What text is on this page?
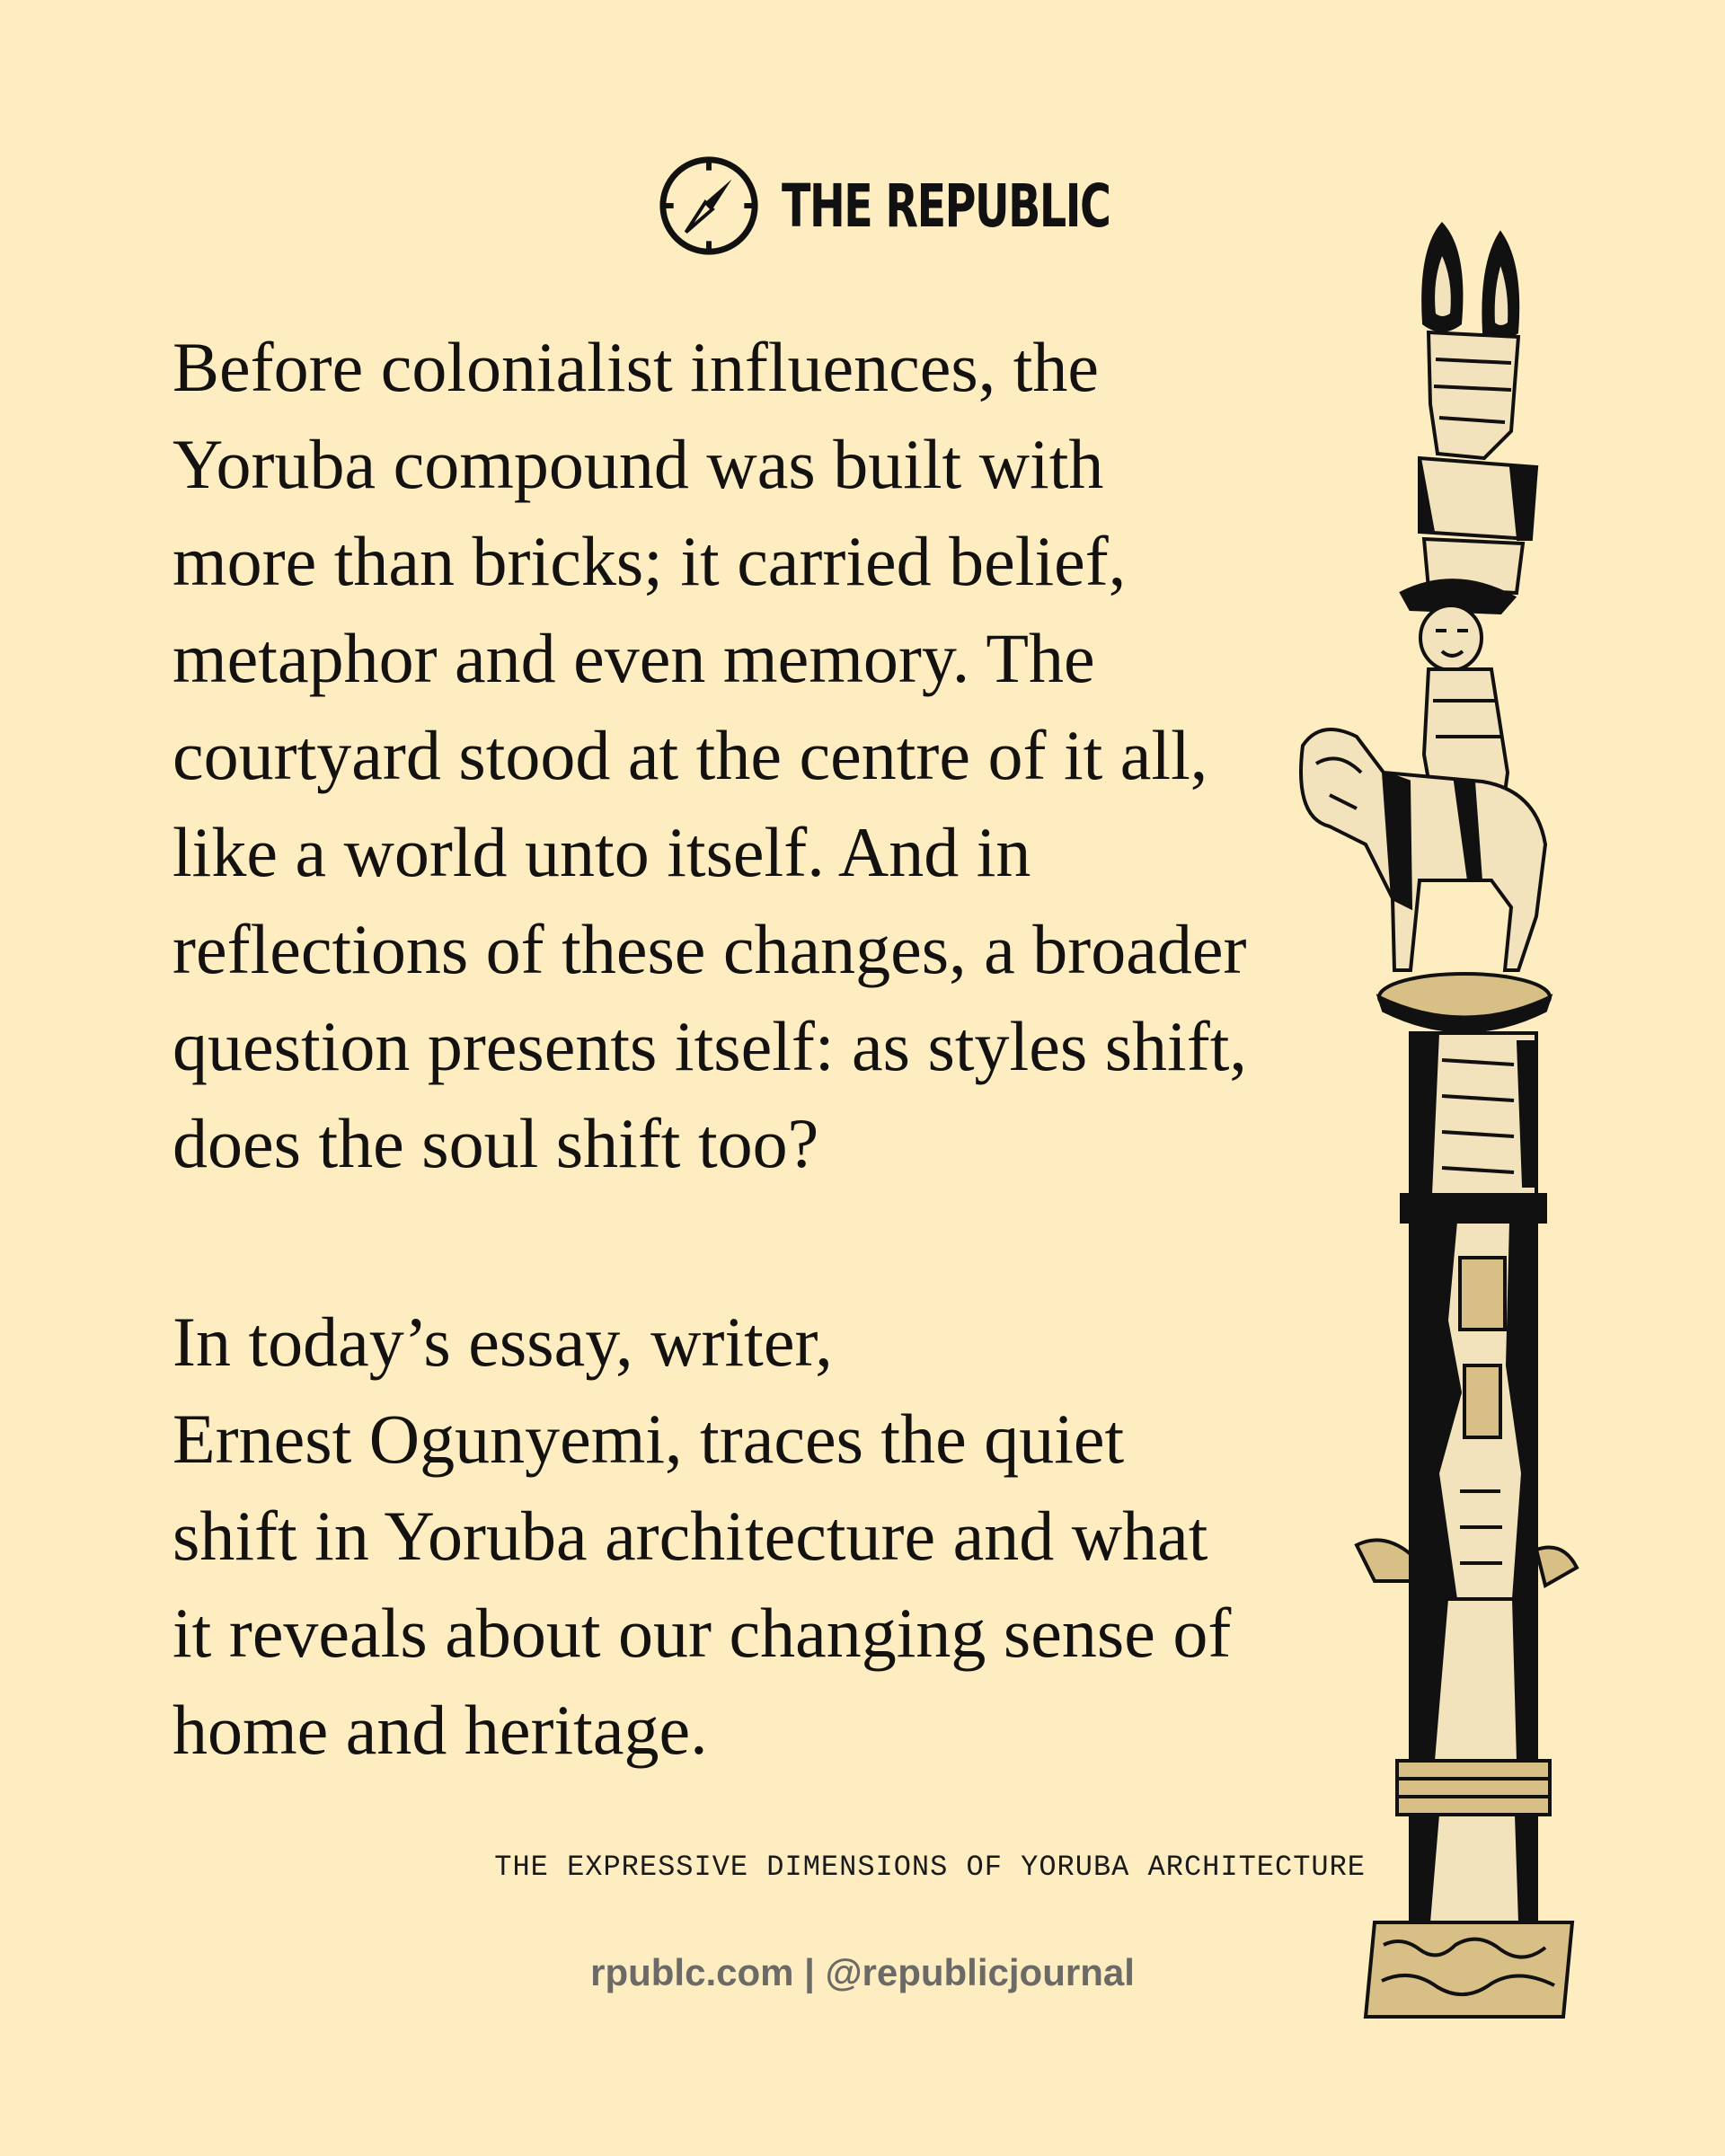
THE REPUBLIC

Before colonialist influences, the
Yoruba compound was built with
more than bricks; it carried belief,
metaphor and even memory. The
courtyard stood at the centre of it all,
like a world unto itself. And in
reflections of these changes, a broader
question presents itself: as styles shift,
does the soul shift too?

In today’s essay, writer,
Ernest Ogunyemi, traces the quiet
shift in Yoruba architecture and what
it reveals about our changing sense of
home and heritage.

THE EXPRESSIVE DIMENSIONS OF YORUBA ARCHITECTURE
rpublc.com | @republicjournal
